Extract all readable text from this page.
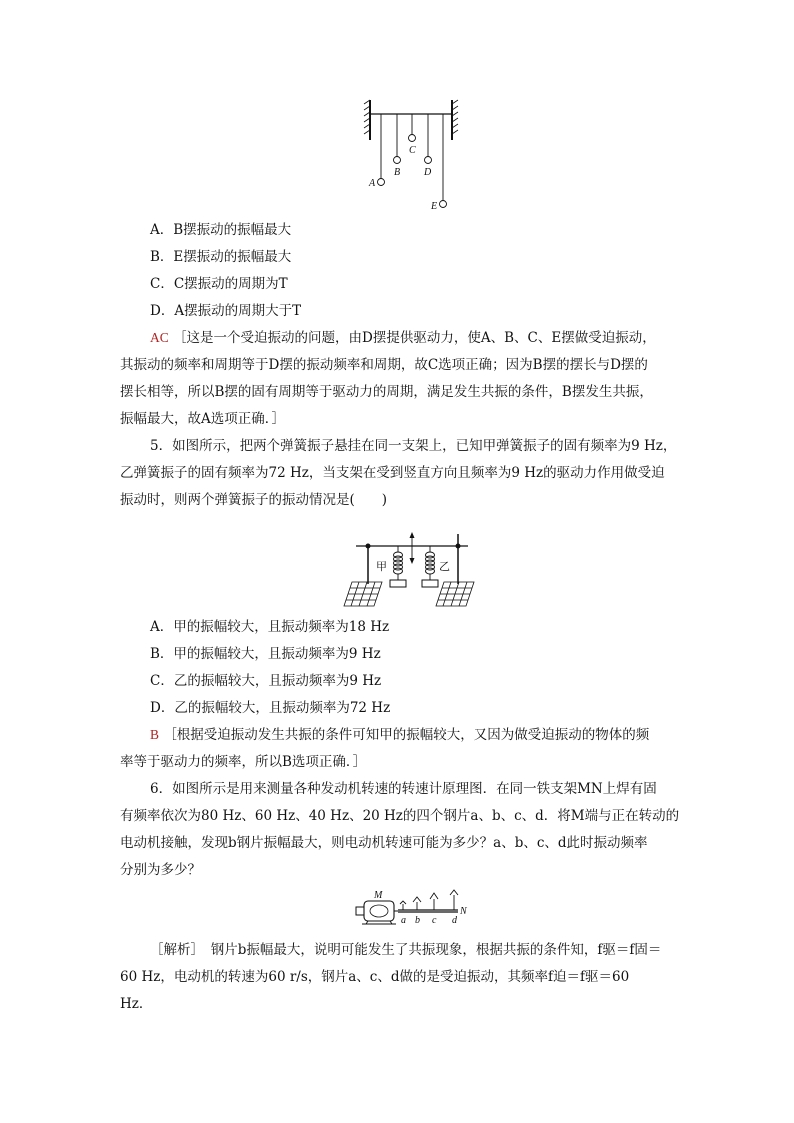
A
B
C
D
E
A．B摆振动的振幅最大
B．E摆振动的振幅最大
C．C摆振动的周期为T
D．A摆振动的周期大于T
AC ［这是一个受迫振动的问题，由D摆提供驱动力，使A、B、C、E摆做受迫振动，
其振动的频率和周期等于D摆的振动频率和周期，故C选项正确；因为B摆的摆长与D摆的
摆长相等，所以B摆的固有周期等于驱动力的周期，满足发生共振的条件，B摆发生共振，
振幅最大，故A选项正确．］
5．如图所示，把两个弹簧振子悬挂在同一支架上，已知甲弹簧振子的固有频率为9 Hz，
乙弹簧振子的固有频率为72 Hz，当支架在受到竖直方向且频率为9 Hz的驱动力作用做受迫
振动时，则两个弹簧振子的振动情况是(　　)
甲	乙
A．甲的振幅较大，且振动频率为18 Hz
B．甲的振幅较大，且振动频率为9 Hz
C．乙的振幅较大，且振动频率为9 Hz
D．乙的振幅较大，且振动频率为72 Hz
B ［根据受迫振动发生共振的条件可知甲的振幅较大，又因为做受迫振动的物体的频
率等于驱动力的频率，所以B选项正确．］
6．如图所示是用来测量各种发动机转速的转速计原理图．在同一铁支架MN上焊有固
有频率依次为80 Hz、60 Hz、40 Hz、20 Hz的四个钢片a、b、c、d．将M端与正在转动的
电动机接触，发现b钢片振幅最大，则电动机转速可能为多少？a、b、c、d此时振动频率
分别为多少？
M
a b c d
N
［解析］　钢片b振幅最大，说明可能发生了共振现象，根据共振的条件知，f驱＝f固＝
60 Hz，电动机的转速为60 r/s，钢片a、c、d做的是受迫振动，其频率f迫＝f驱＝60
Hz．
